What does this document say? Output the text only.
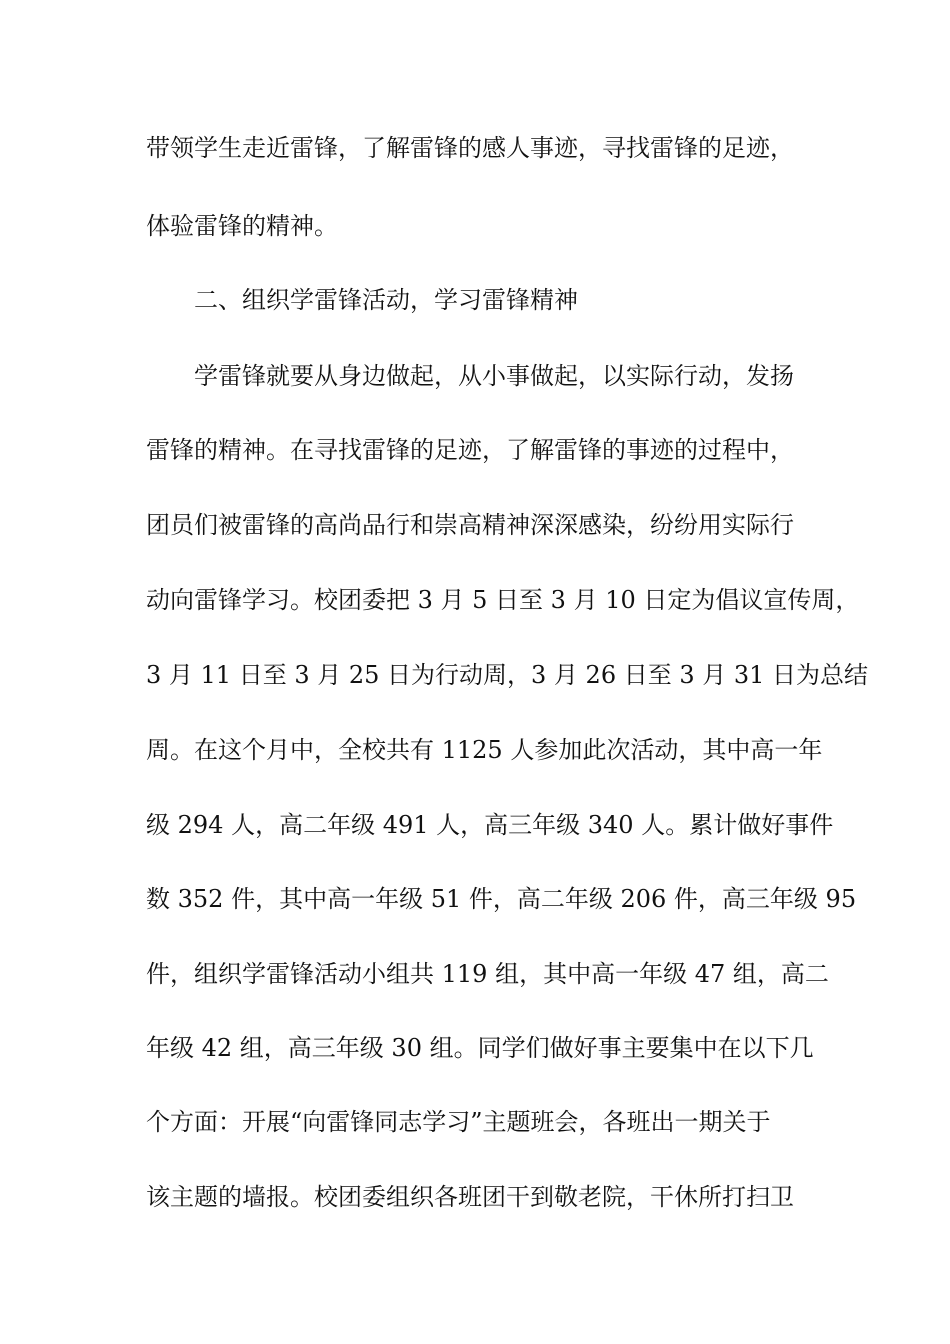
带领学生走近雷锋，了解雷锋的感人事迹，寻找雷锋的足迹，
体验雷锋的精神。
二、组织学雷锋活动，学习雷锋精神
学雷锋就要从身边做起，从小事做起，以实际行动，发扬
雷锋的精神。在寻找雷锋的足迹，了解雷锋的事迹的过程中，
团员们被雷锋的高尚品行和崇高精神深深感染，纷纷用实际行
动向雷锋学习。校团委把 3 月 5 日至 3 月 10 日定为倡议宣传周，
3 月 11 日至 3 月 25 日为行动周，3 月 26 日至 3 月 31 日为总结
周。在这个月中，全校共有 1125 人参加此次活动，其中高一年
级 294 人，高二年级 491 人，高三年级 340 人。累计做好事件
数 352 件，其中高一年级 51 件，高二年级 206 件，高三年级 95
件，组织学雷锋活动小组共 119 组，其中高一年级 47 组，高二
年级 42 组，高三年级 30 组。同学们做好事主要集中在以下几
个方面：开展“向雷锋同志学习”主题班会，各班出一期关于
该主题的墙报。校团委组织各班团干到敬老院，干休所打扫卫
